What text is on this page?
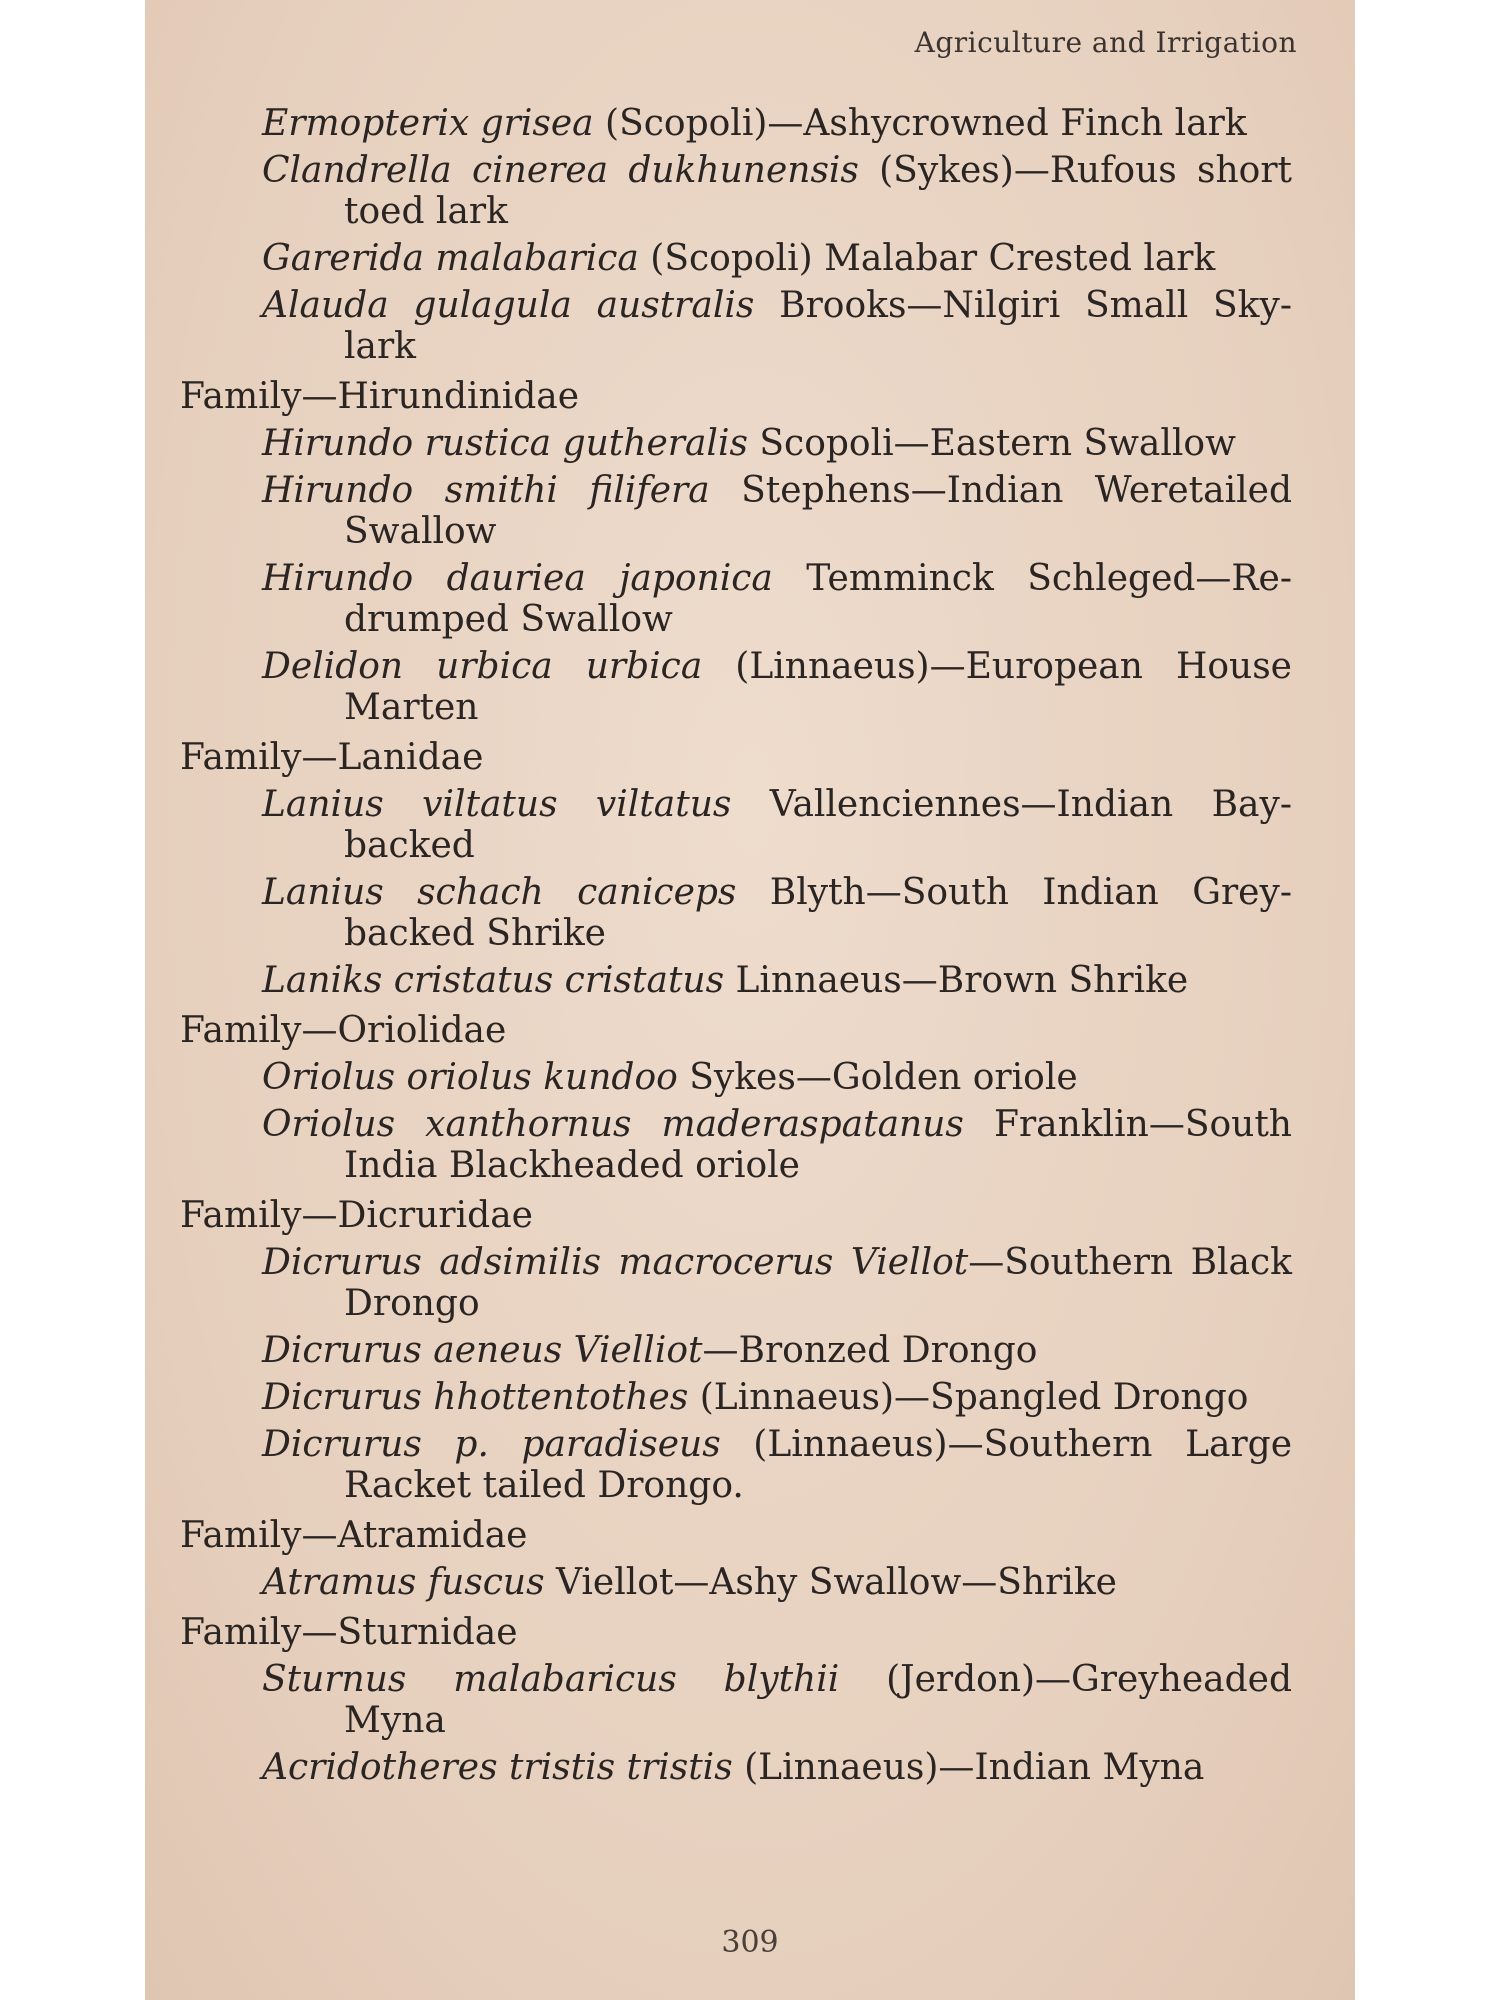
Agriculture and Irrigation
Ermopterix grisea (Scopoli)—Ashycrowned Finch lark
Clandrella cinerea dukhunensis (Sykes)—Rufous short toed lark
Garerida malabarica (Scopoli) Malabar Crested lark
Alauda gulagula australis Brooks—Nilgiri Small Sky-lark
Family—Hirundinidae
Hirundo rustica gutheralis Scopoli—Eastern Swallow
Hirundo smithi filifera Stephens—Indian Weretailed Swallow
Hirundo dauriea japonica Temminck Schleged—Re-drumped Swallow
Delidon urbica urbica (Linnaeus)—European House Marten
Family—Lanidae
Lanius viltatus viltatus Vallenciennes—Indian Bay-backed
Lanius schach caniceps Blyth—South Indian Grey-backed Shrike
Laniks cristatus cristatus Linnaeus—Brown Shrike
Family—Oriolidae
Oriolus oriolus kundoo Sykes—Golden oriole
Oriolus xanthornus maderaspatanus Franklin—South India Blackheaded oriole
Family—Dicruridae
Dicrurus adsimilis macrocerus Viellot—Southern Black Drongo
Dicrurus aeneus Vielliot—Bronzed Drongo
Dicrurus hhottentothes (Linnaeus)—Spangled Drongo
Dicrurus p. paradiseus (Linnaeus)—Southern Large Racket tailed Drongo.
Family—Atramidae
Atramus fuscus Viellot—Ashy Swallow—Shrike
Family—Sturnidae
Sturnus malabaricus blythii (Jerdon)—Greyheaded Myna
Acridotheres tristis tristis (Linnaeus)—Indian Myna
309
